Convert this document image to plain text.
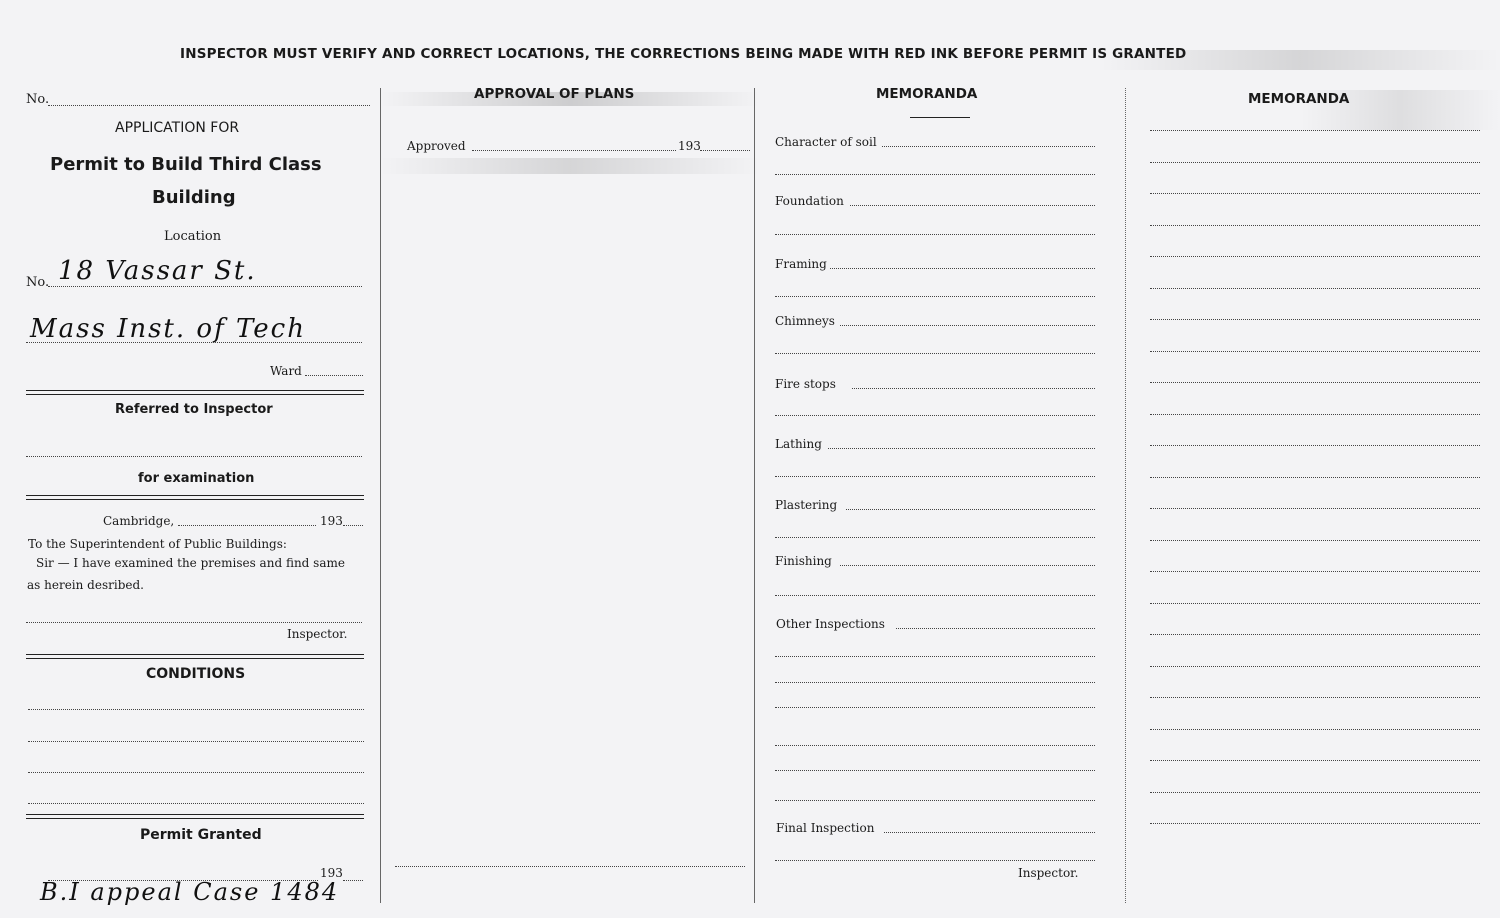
INSPECTOR MUST VERIFY AND CORRECT LOCATIONS, THE CORRECTIONS BEING MADE WITH RED INK BEFORE PERMIT IS GRANTED
No.
APPLICATION FOR
Permit to Build Third Class
Building
Location
No. 18 Vassar St.
Mass Inst. of Tech
Ward
Referred to Inspector
for examination
Cambridge,	193
To the Superintendent of Public Buildings:
Sir — I have examined the premises and find same
as herein desribed.
Inspector.
CONDITIONS
Permit Granted
193
B.I appeal Case 1484
APPROVAL OF PLANS
Approved	193
MEMORANDA
Character of soil
Foundation
Framing
Chimneys
Fire stops
Lathing
Plastering
Finishing
Other Inspections
Final Inspection
Inspector.
MEMORANDA
